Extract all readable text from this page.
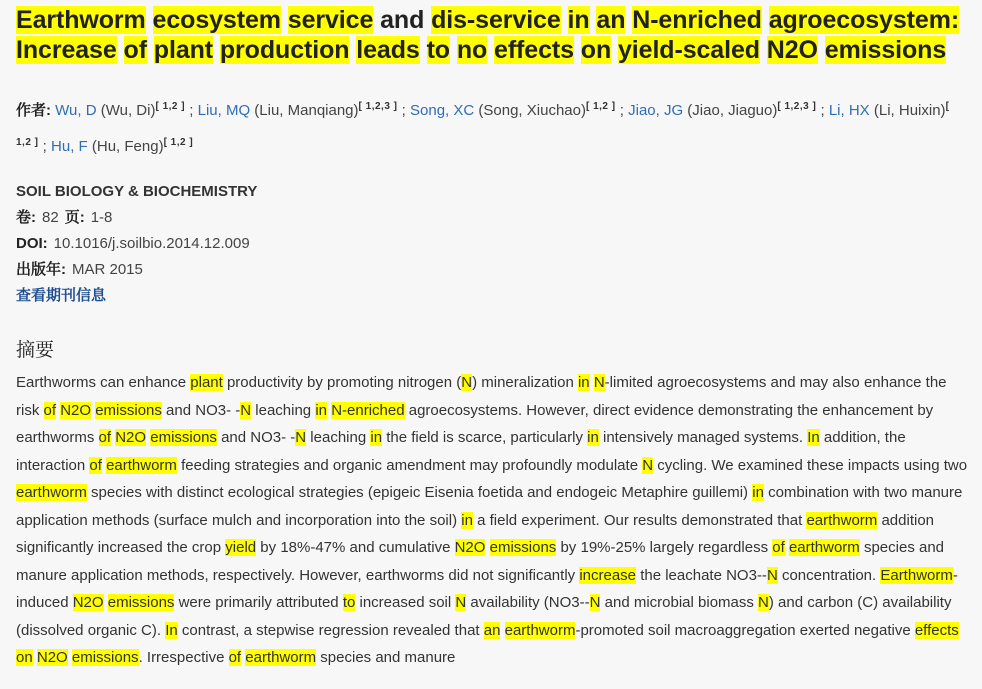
Earthworm ecosystem service and dis-service in an N-enriched agroecosystem: Increase of plant production leads to no effects on yield-scaled N2O emissions
作者: Wu, D (Wu, Di)[ 1,2 ] ; Liu, MQ (Liu, Manqiang)[ 1,2,3 ] ; Song, XC (Song, Xiuchao)[ 1,2 ] ; Jiao, JG (Jiao, Jiaguo)[ 1,2,3 ] ; Li, HX (Li, Huixin)[ 1,2 ] ; Hu, F (Hu, Feng)[ 1,2 ]
SOIL BIOLOGY & BIOCHEMISTRY
卷: 82 页: 1-8
DOI: 10.1016/j.soilbio.2014.12.009
出版年: MAR 2015
查看期刊信息
摘要

Earthworms can enhance plant productivity by promoting nitrogen (N) mineralization in N-limited agroecosystems and may also enhance the risk of N2O emissions and NO3- -N leaching in N-enriched agroecosystems. However, direct evidence demonstrating the enhancement by earthworms of N2O emissions and NO3- -N leaching in the field is scarce, particularly in intensively managed systems. In addition, the interaction of earthworm feeding strategies and organic amendment may profoundly modulate N cycling. We examined these impacts using two earthworm species with distinct ecological strategies (epigeic Eisenia foetida and endogeic Metaphire guillemi) in combination with two manure application methods (surface mulch and incorporation into the soil) in a field experiment. Our results demonstrated that earthworm addition significantly increased the crop yield by 18%-47% and cumulative N2O emissions by 19%-25% largely regardless of earthworm species and manure application methods, respectively. However, earthworms did not significantly increase the leachate NO3--N concentration. Earthworm-induced N2O emissions were primarily attributed to increased soil N availability (NO3--N and microbial biomass N) and carbon (C) availability (dissolved organic C). In contrast, a stepwise regression revealed that an earthworm-promoted soil macroaggregation exerted negative effects on N2O emissions. Irrespective of earthworm species and manure
